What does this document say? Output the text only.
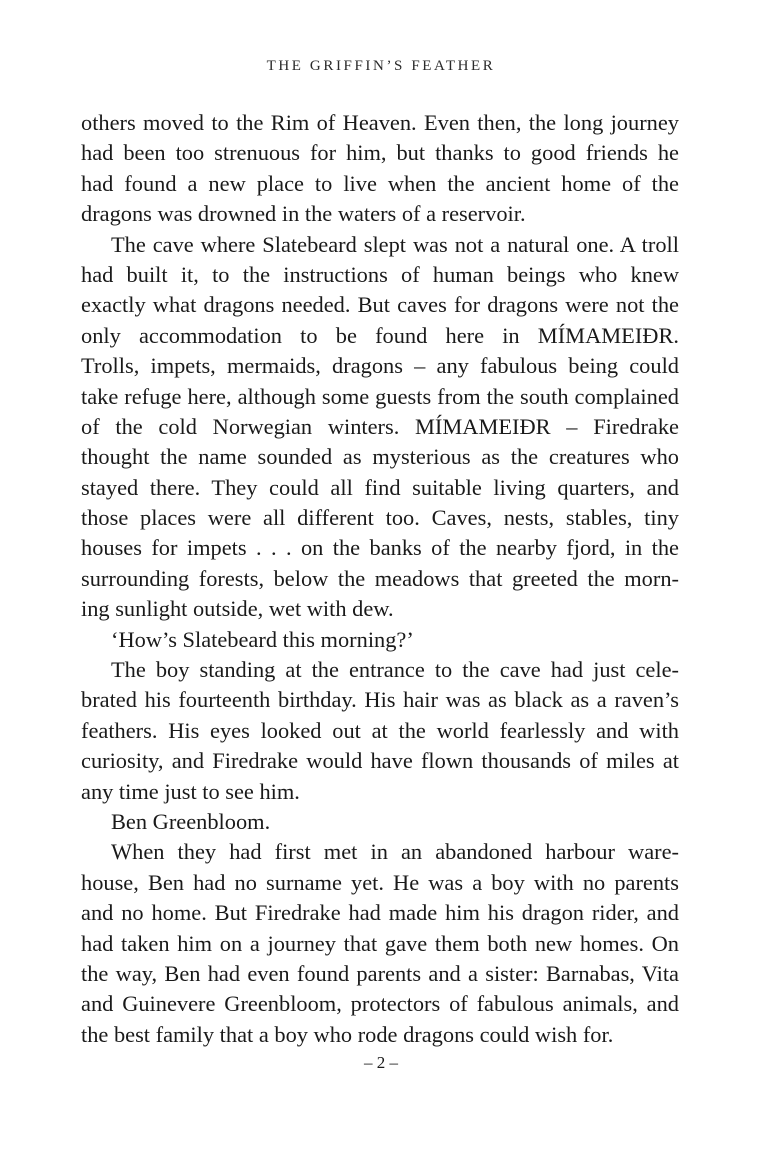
THE GRIFFIN’S FEATHER
others moved to the Rim of Heaven. Even then, the long journey
had been too strenuous for him, but thanks to good friends he
had found a new place to live when the ancient home of the
dragons was drowned in the waters of a reservoir.
The cave where Slatebeard slept was not a natural one. A troll
had built it, to the instructions of human beings who knew
exactly what dragons needed. But caves for dragons were not the
only accommodation to be found here in MÍMAMEIÐR.
Trolls, impets, mermaids, dragons – any fabulous being could
take refuge here, although some guests from the south complained
of the cold Norwegian winters. MÍMAMEIÐR – Firedrake
thought the name sounded as mysterious as the creatures who
stayed there. They could all find suitable living quarters, and
those places were all different too. Caves, nests, stables, tiny
houses for impets . . . on the banks of the nearby fjord, in the
surrounding forests, below the meadows that greeted the morn-
ing sunlight outside, wet with dew.
‘How’s Slatebeard this morning?’
The boy standing at the entrance to the cave had just cele-
brated his fourteenth birthday. His hair was as black as a raven’s
feathers. His eyes looked out at the world fearlessly and with
curiosity, and Firedrake would have flown thousands of miles at
any time just to see him.
Ben Greenbloom.
When they had first met in an abandoned harbour ware-
house, Ben had no surname yet. He was a boy with no parents
and no home. But Firedrake had made him his dragon rider, and
had taken him on a journey that gave them both new homes. On
the way, Ben had even found parents and a sister: Barnabas, Vita
and Guinevere Greenbloom, protectors of fabulous animals, and
the best family that a boy who rode dragons could wish for.
– 2 –
